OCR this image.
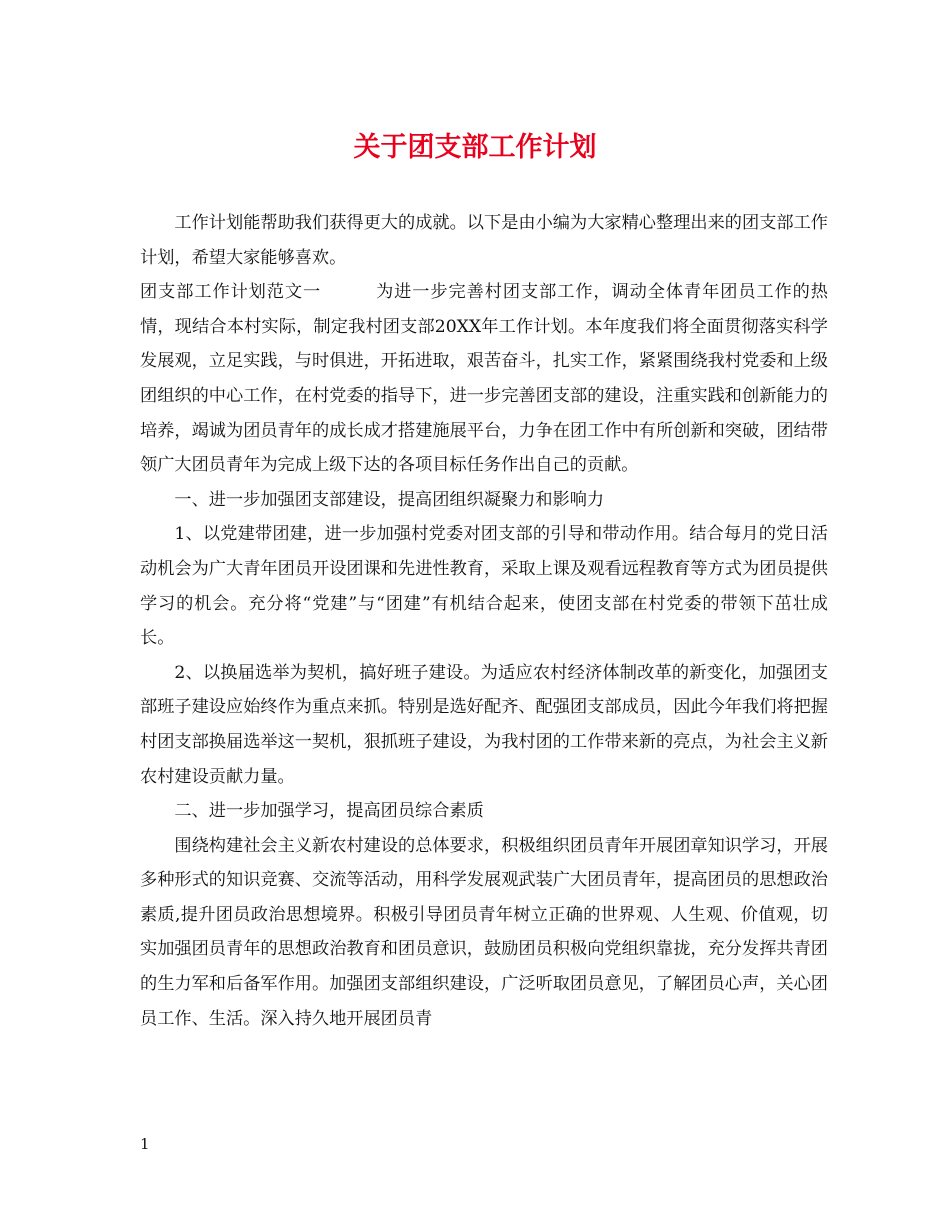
关于团支部工作计划

工作计划能帮助我们获得更大的成就。以下是由小编为大家精心整理出来的团支部工作计划，希望大家能够喜欢。

团支部工作计划范文一	为进一步完善村团支部工作，调动全体青年团员工作的热情，现结合本村实际，制定我村团支部20XX年工作计划。本年度我们将全面贯彻落实科学发展观，立足实践，与时俱进，开拓进取，艰苦奋斗，扎实工作，紧紧围绕我村党委和上级团组织的中心工作，在村党委的指导下，进一步完善团支部的建设，注重实践和创新能力的培养，竭诚为团员青年的成长成才搭建施展平台，力争在团工作中有所创新和突破，团结带领广大团员青年为完成上级下达的各项目标任务作出自己的贡献。

一、进一步加强团支部建设，提高团组织凝聚力和影响力

1、以党建带团建，进一步加强村党委对团支部的引导和带动作用。结合每月的党日活动机会为广大青年团员开设团课和先进性教育，采取上课及观看远程教育等方式为团员提供学习的机会。充分将“党建”与“团建”有机结合起来，使团支部在村党委的带领下茁壮成长。

2、以换届选举为契机，搞好班子建设。为适应农村经济体制改革的新变化，加强团支部班子建设应始终作为重点来抓。特别是选好配齐、配强团支部成员，因此今年我们将把握村团支部换届选举这一契机，狠抓班子建设，为我村团的工作带来新的亮点，为社会主义新农村建设贡献力量。

二、进一步加强学习，提高团员综合素质

围绕构建社会主义新农村建设的总体要求，积极组织团员青年开展团章知识学习，开展多种形式的知识竞赛、交流等活动，用科学发展观武装广大团员青年，提高团员的思想政治素质,提升团员政治思想境界。积极引导团员青年树立正确的世界观、人生观、价值观，切实加强团员青年的思想政治教育和团员意识，鼓励团员积极向党组织靠拢，充分发挥共青团的生力军和后备军作用。加强团支部组织建设，广泛听取团员意见，了解团员心声，关心团员工作、生活。深入持久地开展团员青

1
